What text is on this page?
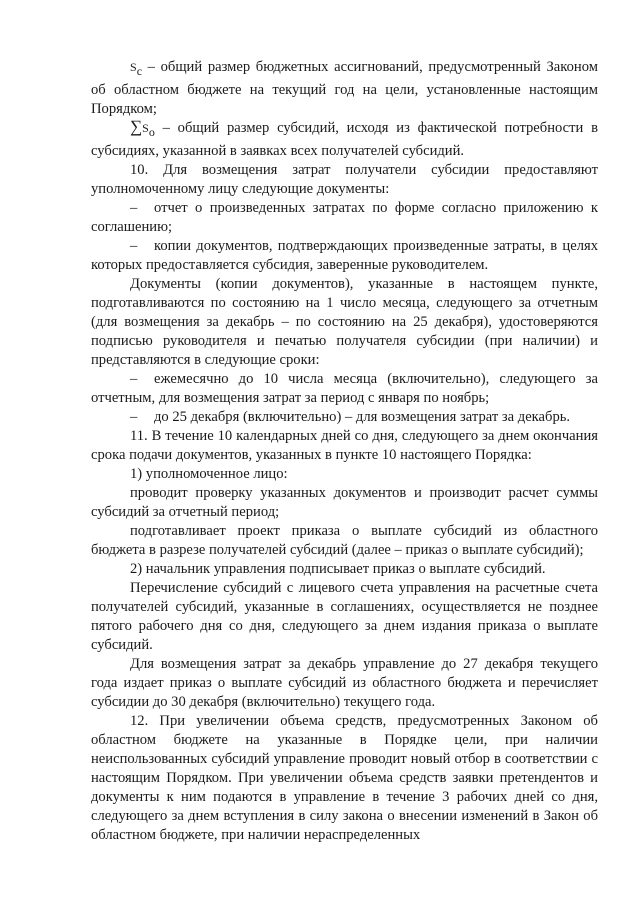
$S_c$ – общий размер бюджетных ассигнований, предусмотренный Законом об областном бюджете на текущий год на цели, установленные настоящим Порядком;

$\sum S_o$ – общий размер субсидий, исходя из фактической потребности в субсидиях, указанной в заявках всех получателей субсидий.

10. Для возмещения затрат получатели субсидии предоставляют уполномоченному лицу следующие документы:

– отчет о произведенных затратах по форме согласно приложению к соглашению;

– копии документов, подтверждающих произведенные затраты, в целях которых предоставляется субсидия, заверенные руководителем.

Документы (копии документов), указанные в настоящем пункте, подготавливаются по состоянию на 1 число месяца, следующего за отчетным (для возмещения за декабрь – по состоянию на 25 декабря), удостоверяются подписью руководителя и печатью получателя субсидии (при наличии) и представляются в следующие сроки:

– ежемесячно до 10 числа месяца (включительно), следующего за отчетным, для возмещения затрат за период с января по ноябрь;

– до 25 декабря (включительно) – для возмещения затрат за декабрь.

11. В течение 10 календарных дней со дня, следующего за днем окончания срока подачи документов, указанных в пункте 10 настоящего Порядка:

1) уполномоченное лицо:

проводит проверку указанных документов и производит расчет суммы субсидий за отчетный период;

подготавливает проект приказа о выплате субсидий из областного бюджета в разрезе получателей субсидий (далее – приказ о выплате субсидий);

2) начальник управления подписывает приказ о выплате субсидий.

Перечисление субсидий с лицевого счета управления на расчетные счета получателей субсидий, указанные в соглашениях, осуществляется не позднее пятого рабочего дня со дня, следующего за днем издания приказа о выплате субсидий.

Для возмещения затрат за декабрь управление до 27 декабря текущего года издает приказ о выплате субсидий из областного бюджета и перечисляет субсидии до 30 декабря (включительно) текущего года.

12. При увеличении объема средств, предусмотренных Законом об областном бюджете на указанные в Порядке цели, при наличии неиспользованных субсидий управление проводит новый отбор в соответствии с настоящим Порядком. При увеличении объема средств заявки претендентов и документы к ним подаются в управление в течение 3 рабочих дней со дня, следующего за днем вступления в силу закона о внесении изменений в Закон об областном бюджете, при наличии нераспределенных
